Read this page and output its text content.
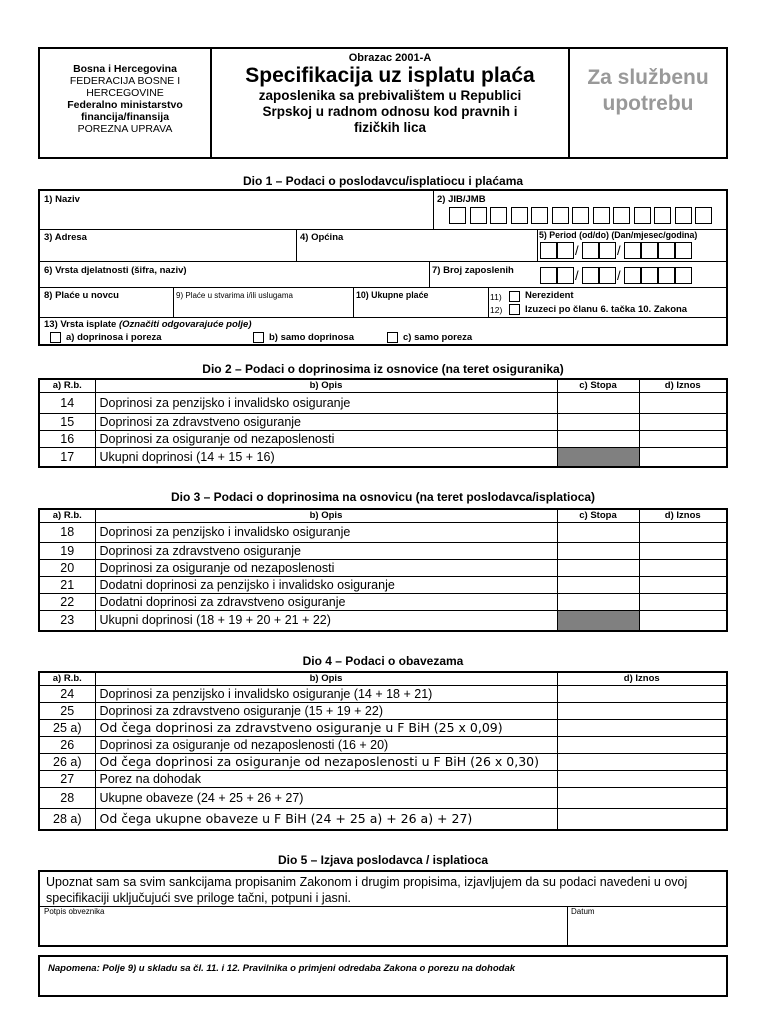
Bosna i Hercegovina
FEDERACIJA BOSNE I
HERCEGOVINE
Federalno ministarstvo
financija/finansija
POREZNA UPRAVA
Obrazac 2001-A
Specifikacija uz isplatu plaća
zaposlenika sa prebivalištem u Republici
Srpskoj u radnom odnosu kod pravnih i
fizičkih lica
Za službenu
upotrebu
Dio 1 – Podaci o poslodavcu/isplatiocu i plaćama
1) Naziv	2) JIB/JMB
3) Adresa	4) Općina	5) Period (od/do) (Dan/mjesec/godina)
/	/
/	/
6) Vrsta djelatnosti (šifra, naziv)	7) Broj zaposlenih
8) Plaće u novcu	9) Plaće u stvarima i/ili uslugama	10) Ukupne plaće	11) Nerezident
12) Izuzeci po članu 6. tačka 10. Zakona
13) Vrsta isplate (Označiti odgovarajuće polje)
a) doprinosa i poreza	b) samo doprinosa	c) samo poreza
Dio 2 – Podaci o doprinosima iz osnovice (na teret osiguranika)
a) R.b.	b) Opis	c) Stopa	d) Iznos
14	Doprinosi za penzijsko i invalidsko osiguranje		
15	Doprinosi za zdravstveno osiguranje		
16	Doprinosi za osiguranje od nezaposlenosti		
17	Ukupni doprinosi (14 + 15 + 16)		
Dio 3 – Podaci o doprinosima na osnovicu (na teret poslodavca/isplatioca)
a) R.b.	b) Opis	c) Stopa	d) Iznos
18	Doprinosi za penzijsko i invalidsko osiguranje		
19	Doprinosi za zdravstveno osiguranje		
20	Doprinosi za osiguranje od nezaposlenosti		
21	Dodatni doprinosi za penzijsko i invalidsko osiguranje		
22	Dodatni doprinosi za zdravstveno osiguranje		
23	Ukupni doprinosi (18 + 19 + 20 + 21 + 22)		
Dio 4 – Podaci o obavezama
a) R.b.	b) Opis	d) Iznos
24	Doprinosi za penzijsko i invalidsko osiguranje (14 + 18 + 21)	
25	Doprinosi za zdravstveno osiguranje (15 + 19 + 22)	
25 a)	Od čega doprinosi za zdravstveno osiguranje u F BiH (25 x 0,09)	
26	Doprinosi za osiguranje od nezaposlenosti (16 + 20)	
26 a)	Od čega doprinosi za osiguranje od nezaposlenosti u F BiH (26 x 0,30)	
27	Porez na dohodak	
28	Ukupne obaveze (24 + 25 + 26 + 27)	
28 a)	Od čega ukupne obaveze u F BiH (24 + 25 a) + 26 a) + 27)	
Dio 5 – Izjava poslodavca / isplatioca
Upoznat sam sa svim sankcijama propisanim Zakonom i drugim propisima, izjavljujem da su podaci navedeni u ovoj specifikaciji uključujući sve priloge tačni, potpuni i jasni.
Potpis obveznika	Datum
Napomena: Polje 9) u skladu sa čl. 11. i 12. Pravilnika o primjeni odredaba Zakona o porezu na dohodak
